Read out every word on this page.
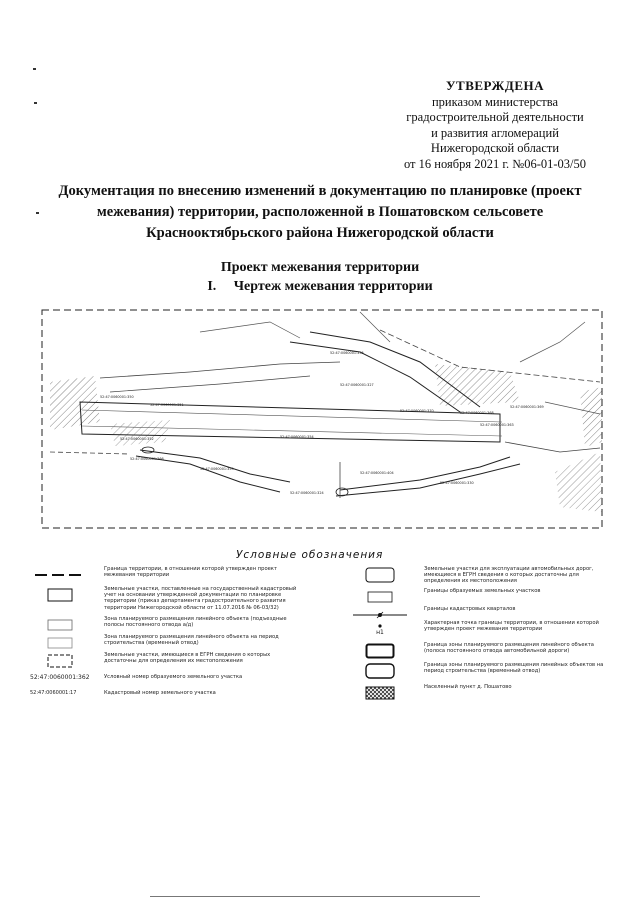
УТВЕРЖДЕНА
приказом министерства
градостроительной деятельности
и развития агломераций
Нижегородской области
от 16 ноября 2021 г. №06-01-03/50
Документация по внесению изменений в документацию по планировке (проект
межевания) территории, расположенной в Пошатовском сельсовете
Краснооктябрьского района Нижегородской области
Проект межевания территории
I.     Чертеж межевания территории
52:47:0060001:355
52:47:0060001:350
52:47:0060001:351
52:47:0060001:327
52:47:0060001:368
52:47:0060001:369
52:47:0060001:370
52:47:0060001:352	52:47:0060001:354
52:47:0060001:359
52:47:0060001:404
52:47:0060001:324
52:47:0060001:330
52:47:0060001:363
52:47:0060001:366
Условные обозначения
Граница территории, в отношении которой утвержден проект межевания территории
Земельные участки, поставленные на государственный кадастровый учет на основании утвержденной документации по планировке территории (приказ департамента градостроительного развития территории Нижегородской области от 11.07.2016 № 06-03/32)
Зона планируемого размещения линейного объекта (подъездные полосы постоянного отвода а/д)
Зона планируемого размещения линейного объекта на период строительства (временный отвод)
Земельные участки, имеющиеся в ЕГРН сведения о которых достаточны для определения их местоположения
52:47:0060001:362	Условный номер образуемого земельного участка
52:47:0060001:17	Кадастровый номер земельного участка
Земельные участки для эксплуатации автомобильных дорог, имеющиеся в ЕГРН сведения о которых достаточны для определения их местоположения
Границы образуемых земельных участков
Границы кадастровых кварталов
н1
Характерная точка границы территории, в отношении которой утвержден проект межевания территории
Граница зоны планируемого размещения линейного объекта (полоса постоянного отвода автомобильной дороги)
Граница зоны планируемого размещения линейных объектов на период строительства (временный отвод)
Населенный пункт д. Пошатово
